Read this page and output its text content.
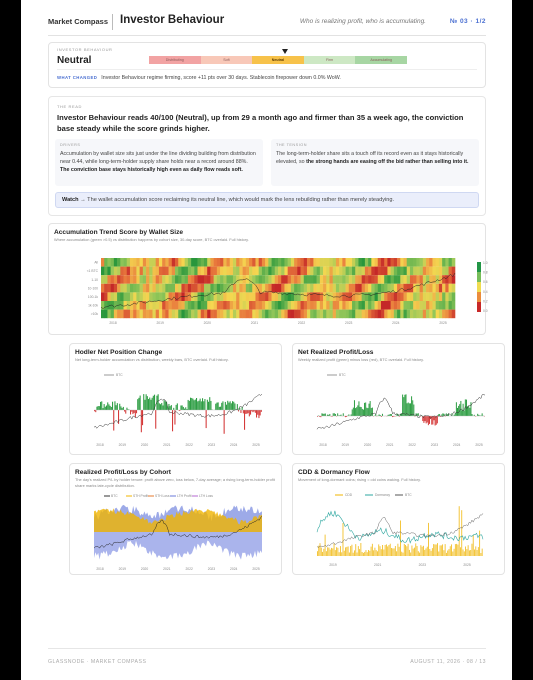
Market Compass Investor Behaviour	Who is realizing profit, who is accumulating.	№ 03 · 1/2
INVESTOR BEHAVIOUR
Neutral	Distributing	Soft	Neutral	Firm	Accumulating
WHAT CHANGED Investor Behaviour regime firming, score +11 pts over 30 days. Stablecoin firepower down 0.0% WoW.
THE READ
Investor Behaviour reads 40/100 (Neutral), up from 29 a month ago and firmer than 35 a week ago, the conviction base steady while the score grinds higher.
DRIVERS
Accumulation by wallet size sits just under the line dividing building from distribution near 0.44, while long-term-holder supply share holds near a record around 88%. The conviction base stays historically high even as daily flow reads soft.
THE TENSION
The long-term-holder share sits a touch off its record even as it stays historically elevated, so the strong hands are easing off the bid rather than selling into it.
Watch → The wallet accumulation score reclaiming its neutral line, which would mark the lens rebuilding rather than merely steadying.
Accumulation Trend Score by Wallet Size
Where accumulation (green >0.5) vs distribution happens by cohort size, 30-day score, BTC overlaid. Full history.
All
<1 BTC
1-10
10-100
100-1k
1k-10k
>10k
2018	2019	2020	2021	2022	2023	2024	2025
1.0
0.8
0.6
0.4
0.2
0.0
Hodler Net Position Change
Net long-term-holder accumulation vs distribution, weekly bars, BTC overlaid. Full history.
BTC
2018	2019	2020	2021	2022	2023	2024	2025
Net Realized Profit/Loss
Weekly realized profit (green) minus loss (red), BTC overlaid. Full history.
BTC
2018	2019	2020	2021	2022	2023	2024	2025
Realized Profit/Loss by Cohort
The day's realized P/L by holder tenure: profit above zero, loss below, 7-day average; a rising long-term-holder profit share marks late-cycle distribution.
BTC	STH Profit STH Loss LTH Profit LTH Loss
2018	2019	2020	2021	2022	2023	2024	2025
CDD & Dormancy Flow
Movement of long-dormant coins; rising = old coins waking. Full history.
CDD	Dormancy	BTC
2019	2021	2023	2025
GLASSNODE · MARKET COMPASS	AUGUST 11, 2026 · 08 / 13
